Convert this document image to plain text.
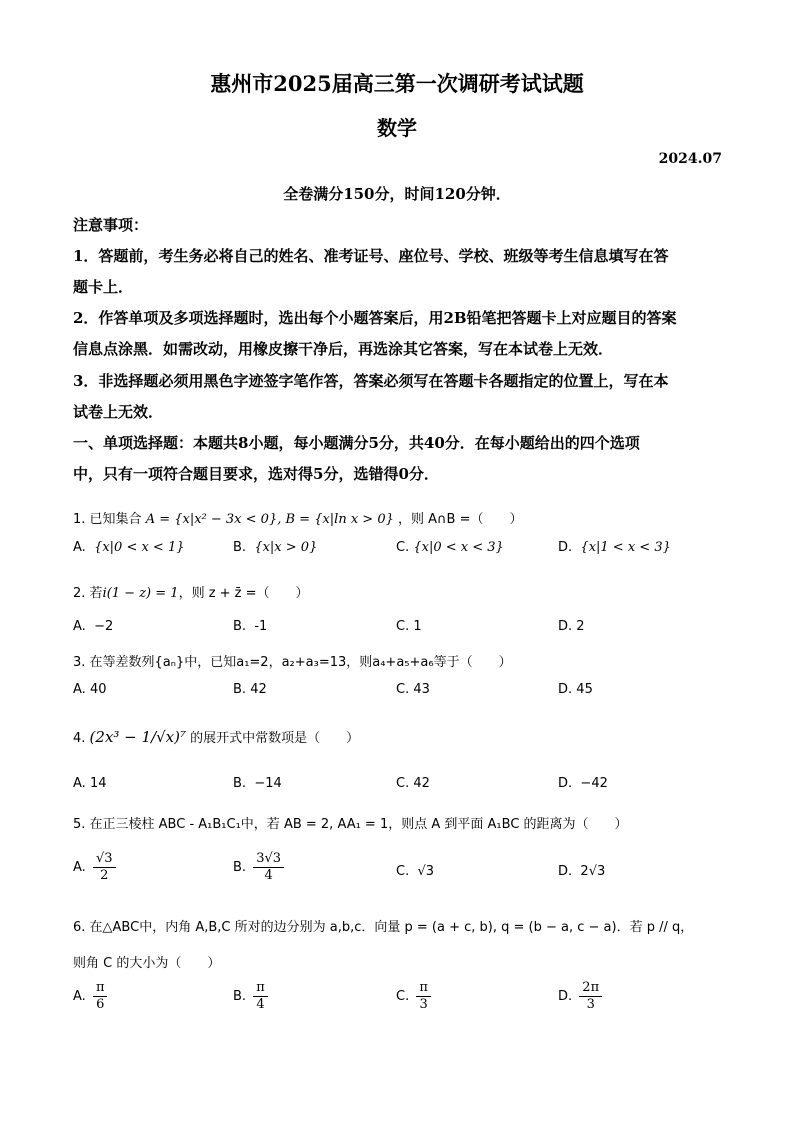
惠州市2025届高三第一次调研考试试题
数学
2024.07
全卷满分150分，时间120分钟．
注意事项：
1．答题前，考生务必将自己的姓名、准考证号、座位号、学校、班级等考生信息填写在答
题卡上．
2．作答单项及多项选择题时，选出每个小题答案后，用2B铅笔把答题卡上对应题目的答案
信息点涂黑．如需改动，用橡皮擦干净后，再选涂其它答案，写在本试卷上无效．
3．非选择题必须用黑色字迹签字笔作答，答案必须写在答题卡各题指定的位置上，写在本
试卷上无效．
一、单项选择题：本题共8小题，每小题满分5分，共40分．在每小题给出的四个选项
中，只有一项符合题目要求，选对得5分，选错得0分．
1. 已知集合 A = {x|x² − 3x < 0}, B = {x|ln x > 0} ，则 A∩B =（　　）
A. {x|0 < x < 1}	B. {x|x > 0}	C. {x|0 < x < 3}	D. {x|1 < x < 3}
2. 若i(1 − z) = 1，则 z + z̄ =（　　）
A. −2	B. -1	C. 1	D. 2
3. 在等差数列{aₙ}中，已知a₁=2，a₂+a₃=13，则a₄+a₅+a₆等于（　　）
A. 40	B. 42	C. 43	D. 45
4. (2x³ − 1/√x)⁷ 的展开式中常数项是（　　）
A. 14	B. −14	C. 42	D. −42
5. 在正三棱柱 ABC - A₁B₁C₁中，若 AB = 2, AA₁ = 1，则点 A 到平面 A₁BC 的距离为（　　）
A. $\frac{√3}{2}$	B. $\frac{3√3}{4}$	C. √3	D. 2√3
6. 在△ABC中，内角 A,B,C 所对的边分别为 a,b,c．向量 p = (a + c, b), q = (b − a, c − a)．若 p // q，
则角 C 的大小为（　　）
A. $\frac{\pi}{6}$	B. $\frac{\pi}{4}$	C. $\frac{\pi}{3}$	D. $\frac{2\pi}{3}$
